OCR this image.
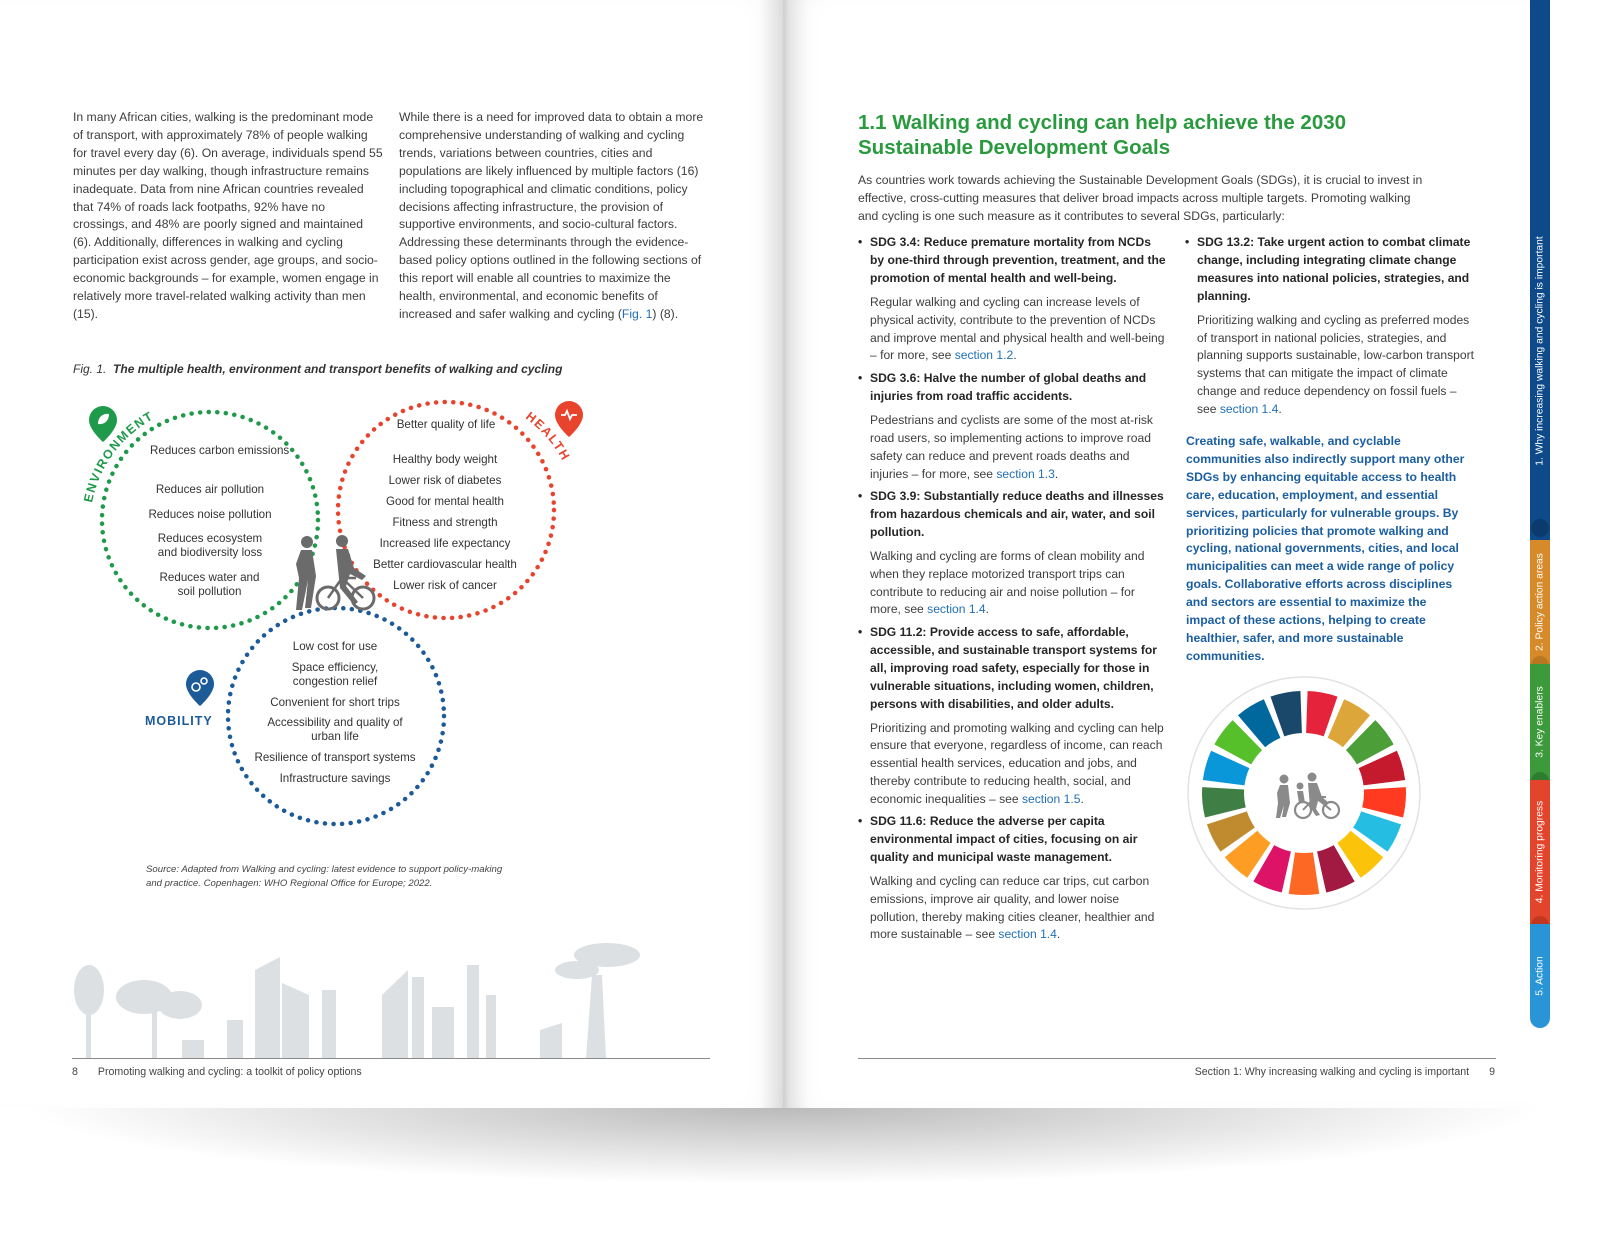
In many African cities, walking is the predominant mode of transport, with approximately 78% of people walking for travel every day (6). On average, individuals spend 55 minutes per day walking, though infrastructure remains inadequate. Data from nine African countries revealed that 74% of roads lack footpaths, 92% have no crossings, and 48% are poorly signed and maintained (6). Additionally, differences in walking and cycling participation exist across gender, age groups, and socio-economic backgrounds – for example, women engage in relatively more travel-related walking activity than men (15).
While there is a need for improved data to obtain a more comprehensive understanding of walking and cycling trends, variations between countries, cities and populations are likely influenced by multiple factors (16) including topographical and climatic conditions, policy decisions affecting infrastructure, the provision of supportive environments, and socio-cultural factors. Addressing these determinants through the evidence-based policy options outlined in the following sections of this report will enable all countries to maximize the health, environmental, and economic benefits of increased and safer walking and cycling (Fig. 1) (8).
Fig. 1. The multiple health, environment and transport benefits of walking and cycling
ENVIRONMENT	HEALTH
MOBILITY
Reduces carbon emissions
Reduces air pollution
Reduces noise pollution
Reduces ecosystem and biodiversity loss
Reduces water and soil pollution
Better quality of life
Healthy body weight
Lower risk of diabetes
Good for mental health
Fitness and strength
Increased life expectancy
Better cardiovascular health
Lower risk of cancer
Low cost for use
Space efficiency, congestion relief
Convenient for short trips
Accessibility and quality of urban life
Resilience of transport systems
Infrastructure savings
Source: Adapted from Walking and cycling: latest evidence to support policy-making and practice. Copenhagen: WHO Regional Office for Europe; 2022.
8 Promoting walking and cycling: a toolkit of policy options
1.1 Walking and cycling can help achieve the 2030
Sustainable Development Goals
As countries work towards achieving the Sustainable Development Goals (SDGs), it is crucial to invest in effective, cross-cutting measures that deliver broad impacts across multiple targets. Promoting walking and cycling is one such measure as it contributes to several SDGs, particularly:
• SDG 3.4: Reduce premature mortality from NCDs by one-third through prevention, treatment, and the promotion of mental health and well-being.
Regular walking and cycling can increase levels of physical activity, contribute to the prevention of NCDs and improve mental and physical health and well-being – for more, see section 1.2.
• SDG 3.6: Halve the number of global deaths and injuries from road traffic accidents.
Pedestrians and cyclists are some of the most at-risk road users, so implementing actions to improve road safety can reduce and prevent roads deaths and injuries – for more, see section 1.3.
• SDG 3.9: Substantially reduce deaths and illnesses from hazardous chemicals and air, water, and soil pollution.
Walking and cycling are forms of clean mobility and when they replace motorized transport trips can contribute to reducing air and noise pollution – for more, see section 1.4.
• SDG 11.2: Provide access to safe, affordable, accessible, and sustainable transport systems for all, improving road safety, especially for those in vulnerable situations, including women, children, persons with disabilities, and older adults.
Prioritizing and promoting walking and cycling can help ensure that everyone, regardless of income, can reach essential health services, education and jobs, and thereby contribute to reducing health, social, and economic inequalities – see section 1.5.
• SDG 11.6: Reduce the adverse per capita environmental impact of cities, focusing on air quality and municipal waste management.
Walking and cycling can reduce car trips, cut carbon emissions, improve air quality, and lower noise pollution, thereby making cities cleaner, healthier and more sustainable – see section 1.4.
• SDG 13.2: Take urgent action to combat climate change, including integrating climate change measures into national policies, strategies, and planning.
Prioritizing walking and cycling as preferred modes of transport in national policies, strategies, and planning supports sustainable, low-carbon transport systems that can mitigate the impact of climate change and reduce dependency on fossil fuels – see section 1.4.
Creating safe, walkable, and cyclable communities also indirectly support many other SDGs by enhancing equitable access to health care, education, employment, and essential services, particularly for vulnerable groups. By prioritizing policies that promote walking and cycling, national governments, cities, and local municipalities can meet a wide range of policy goals. Collaborative efforts across disciplines and sectors are essential to maximize the impact of these actions, helping to create healthier, safer, and more sustainable communities.
Section 1: Why increasing walking and cycling is important 9
1. Why increasing walking and cycling is important
2. Policy action areas
3. Key enablers
4. Monitoring progress
5. Action
